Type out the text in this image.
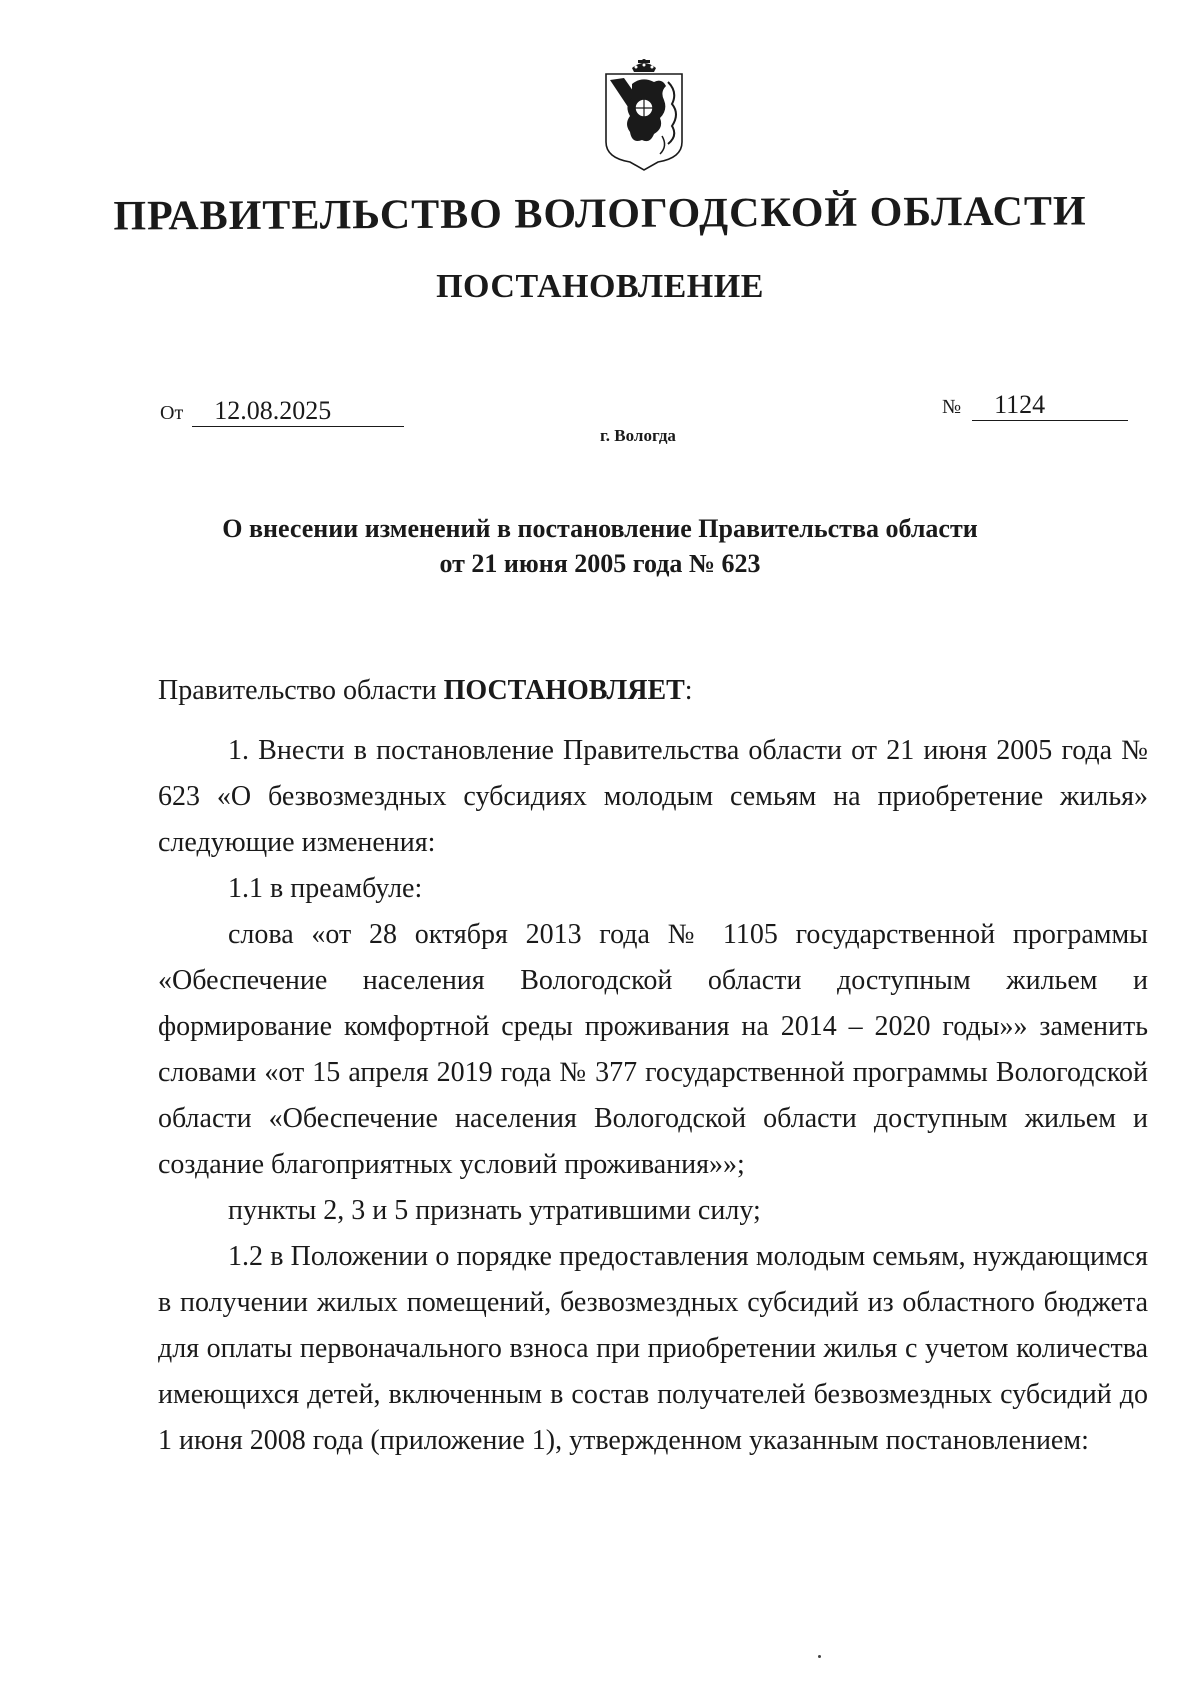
ПРАВИТЕЛЬСТВО ВОЛОГОДСКОЙ ОБЛАСТИ
ПОСТАНОВЛЕНИЕ
От 12.08.2025	№ 1124
г. Вологда
О внесении изменений в постановление Правительства области
от 21 июня 2005 года № 623

Правительство области ПОСТАНОВЛЯЕТ:

1. Внести в постановление Правительства области от 21 июня 2005 года № 623 «О безвозмездных субсидиях молодым семьям на приобретение жилья» следующие изменения:

1.1 в преамбуле:

слова «от 28 октября 2013 года № 1105 государственной программы «Обеспечение населения Вологодской области доступным жильем и формирование комфортной среды проживания на 2014 – 2020 годы»» заменить словами «от 15 апреля 2019 года № 377 государственной программы Вологодской области «Обеспечение населения Вологодской области доступным жильем и создание благоприятных условий проживания»»;

пункты 2, 3 и 5 признать утратившими силу;

1.2 в Положении о порядке предоставления молодым семьям, нуждающимся в получении жилых помещений, безвозмездных субсидий из областного бюджета для оплаты первоначального взноса при приобретении жилья с учетом количества имеющихся детей, включенным в состав получателей безвозмездных субсидий до 1 июня 2008 года (приложение 1), утвержденном указанным постановлением:
